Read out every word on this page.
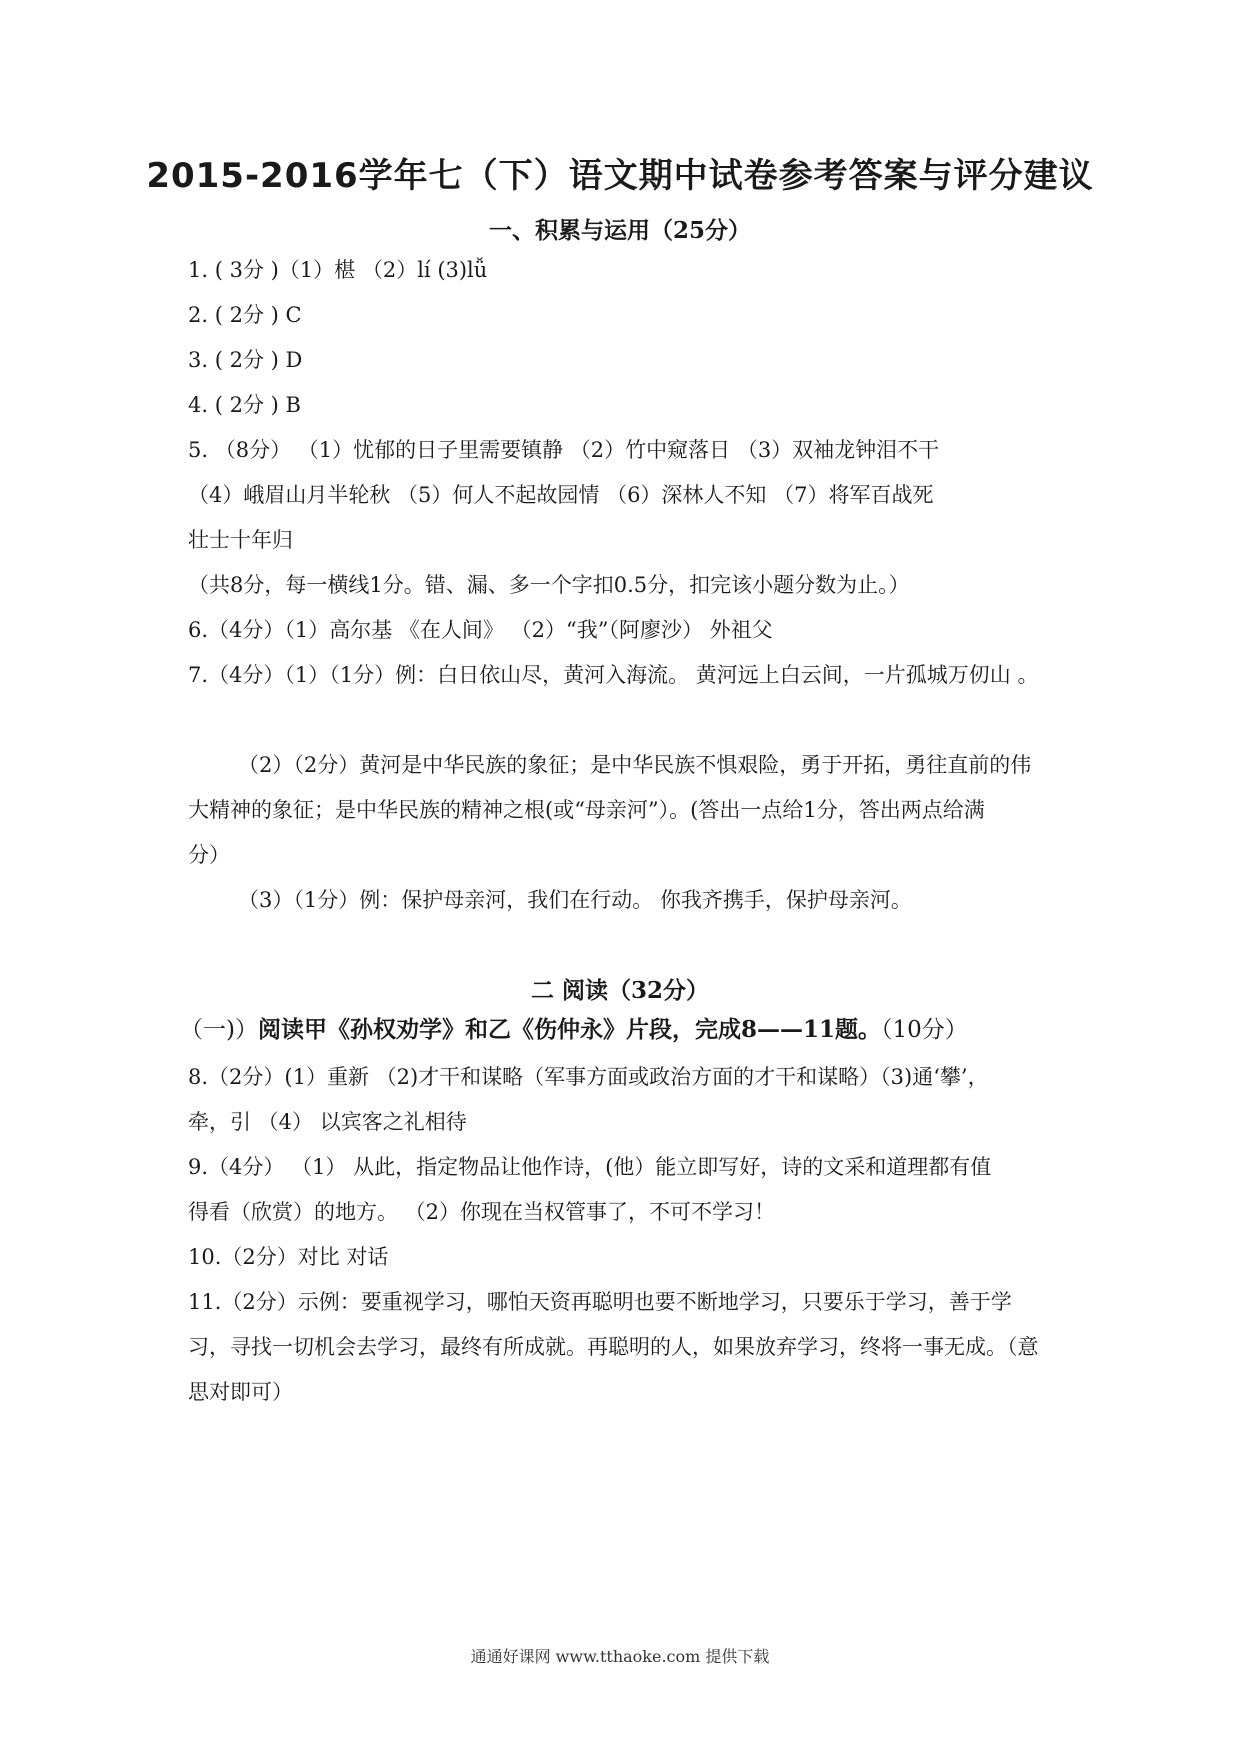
2015-2016学年七（下）语文期中试卷参考答案与评分建议
一、积累与运用（25分）

1. ( 3分 )（1）椹 （2）lí (3)lǚ

2. ( 2分 ) C

3. ( 2分 ) D

4. ( 2分 ) B

5. （8分） （1）忧郁的日子里需要镇静 （2）竹中窥落日 （3）双袖龙钟泪不干

（4）峨眉山月半轮秋 （5）何人不起故园情 （6）深林人不知 （7）将军百战死

壮士十年归

（共8分，每一横线1分。错、漏、多一个字扣0.5分，扣完该小题分数为止。）

6.（4分）（1）高尔基 《在人间》 （2）“我”（阿廖沙） 外祖父

7.（4分）（1）（1分）例：白日依山尽，黄河入海流。 黄河远上白云间，一片孤城万仞山 。

（2）（2分）黄河是中华民族的象征；是中华民族不惧艰险，勇于开拓，勇往直前的伟

大精神的象征；是中华民族的精神之根(或“母亲河”）。(答出一点给1分，答出两点给满

分）

（3）（1分）例：保护母亲河，我们在行动。 你我齐携手，保护母亲河。

二 阅读（32分）

（一)）阅读甲《孙权劝学》和乙《伤仲永》片段，完成8——11题。（10分）

8.（2分）(1）重新 （2)才干和谋略（军事方面或政治方面的才干和谋略）（3)通‘攀’，

牵，引 （4） 以宾客之礼相待

9.（4分） （1） 从此，指定物品让他作诗，(他）能立即写好，诗的文采和道理都有值

得看（欣赏）的地方。 （2）你现在当权管事了，不可不学习！

10.（2分）对比 对话

11.（2分）示例：要重视学习，哪怕天资再聪明也要不断地学习，只要乐于学习，善于学

习，寻找一切机会去学习，最终有所成就。再聪明的人，如果放弃学习，终将一事无成。（意

思对即可）

通通好课网 www.tthaoke.com 提供下载
